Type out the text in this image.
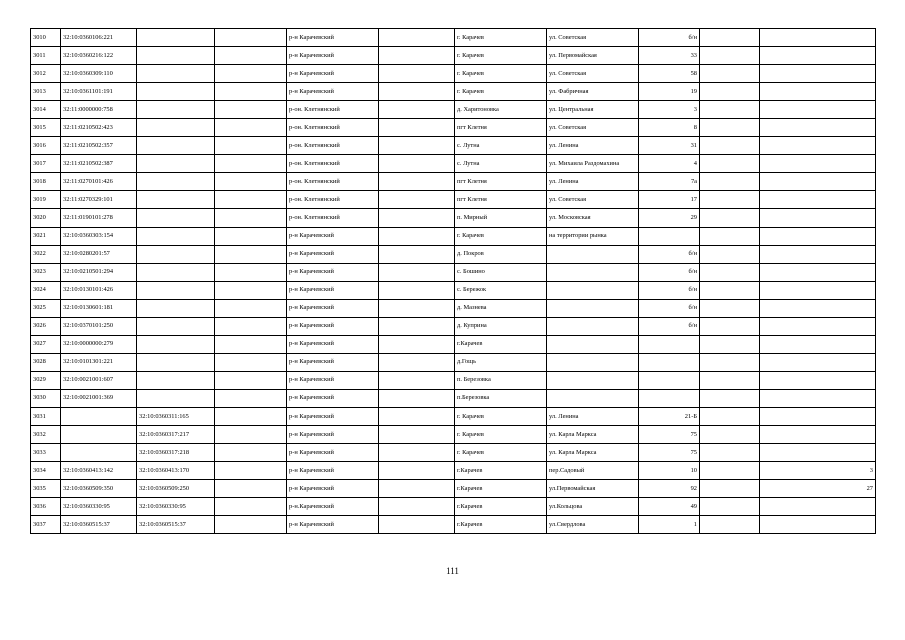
3010	32:10:0360106:221			р-н Карачевский		г. Карачев	ул. Советская	б/н		
3011	32:10:0360216:122			р-н Карачевский		г. Карачев	ул. Первомайская	33		
3012	32:10:0360309:110			р-н Карачевский		г. Карачев	ул. Советская	58		
3013	32:10:0361101:191			р-н Карачевский		г. Карачев	ул. Фабричная	19		
3014	32:11:0000000:758			р-он. Клетнянский		д. Харитоновка	ул. Центральная	3		
3015	32:11:0210502:423			р-он. Клетнянский		пгт Клетня	ул. Советская	8		
3016	32:11:0210502:357			р-он. Клетнянский		с. Лутна	ул. Ленина	31		
3017	32:11:0210502:387			р-он. Клетнянский		с. Лутна	ул. Михаила Раздомахина	4		
3018	32:11:0270101:426			р-он. Клетнянский		пгт Клетня	ул. Ленина	7а		
3019	32:11:0270329:101			р-он. Клетнянский		пгт Клетня	ул. Советская	17		
3020	32:11:0190101:278			р-он. Клетнянский		п. Мирный	ул. Московская	29		
3021	32:10:0360303:154			р-н Карачевский		г. Карачев	на территории рынка			
3022	32:10:0280201:57			р-н Карачевский		д. Покров		б/н		
3023	32:10:0210501:294			р-н Карачевский		с. Бошино		б/н		
3024	32:10:0130101:426			р-н Карачевский		с. Бережок		б/н		
3025	32:10:0130601:181			р-н Карачевский		д. Мазнева		б/н		
3026	32:10:0370101:250			р-н Карачевский		д. Куприна		б/н		
3027	32:10:0000000:279			р-н Карачевский		г.Карачев				
3028	32:10:0101301:221			р-н Карачевский		д.Гощь				
3029	32:10:0021001:607			р-н Карачевский		п. Березовка				
3030	32:10:0021001:369			р-н Карачевский		п.Березовка				
3031		32:10:0360311:165		р-н Карачевский		г. Карачев	ул. Ленина	21-Б		
3032		32:10:0360317:217		р-н Карачевский		г. Карачев	ул. Карла Маркса	75		
3033		32:10:0360317:218		р-н Карачевский		г. Карачев	ул. Карла Маркса	75		
3034	32:10:0360413:142	32:10:0360413:170		р-н Карачевский		г.Карачев	пер.Садовый	10		3
3035	32:10:0360509:350	32:10:0360509:250		р-н Карачевский		г.Карачев	ул.Первомайская	92		27
3036	32:10:0360330:95	32:10:0360330:95		р-н.Карачевский		г.Карачев	ул.Кольцова	49		
3037	32:10:0360515:37	32:10:0360515:37		р-н Карачевский		г.Карачев	ул.Свердлова	1		
111
